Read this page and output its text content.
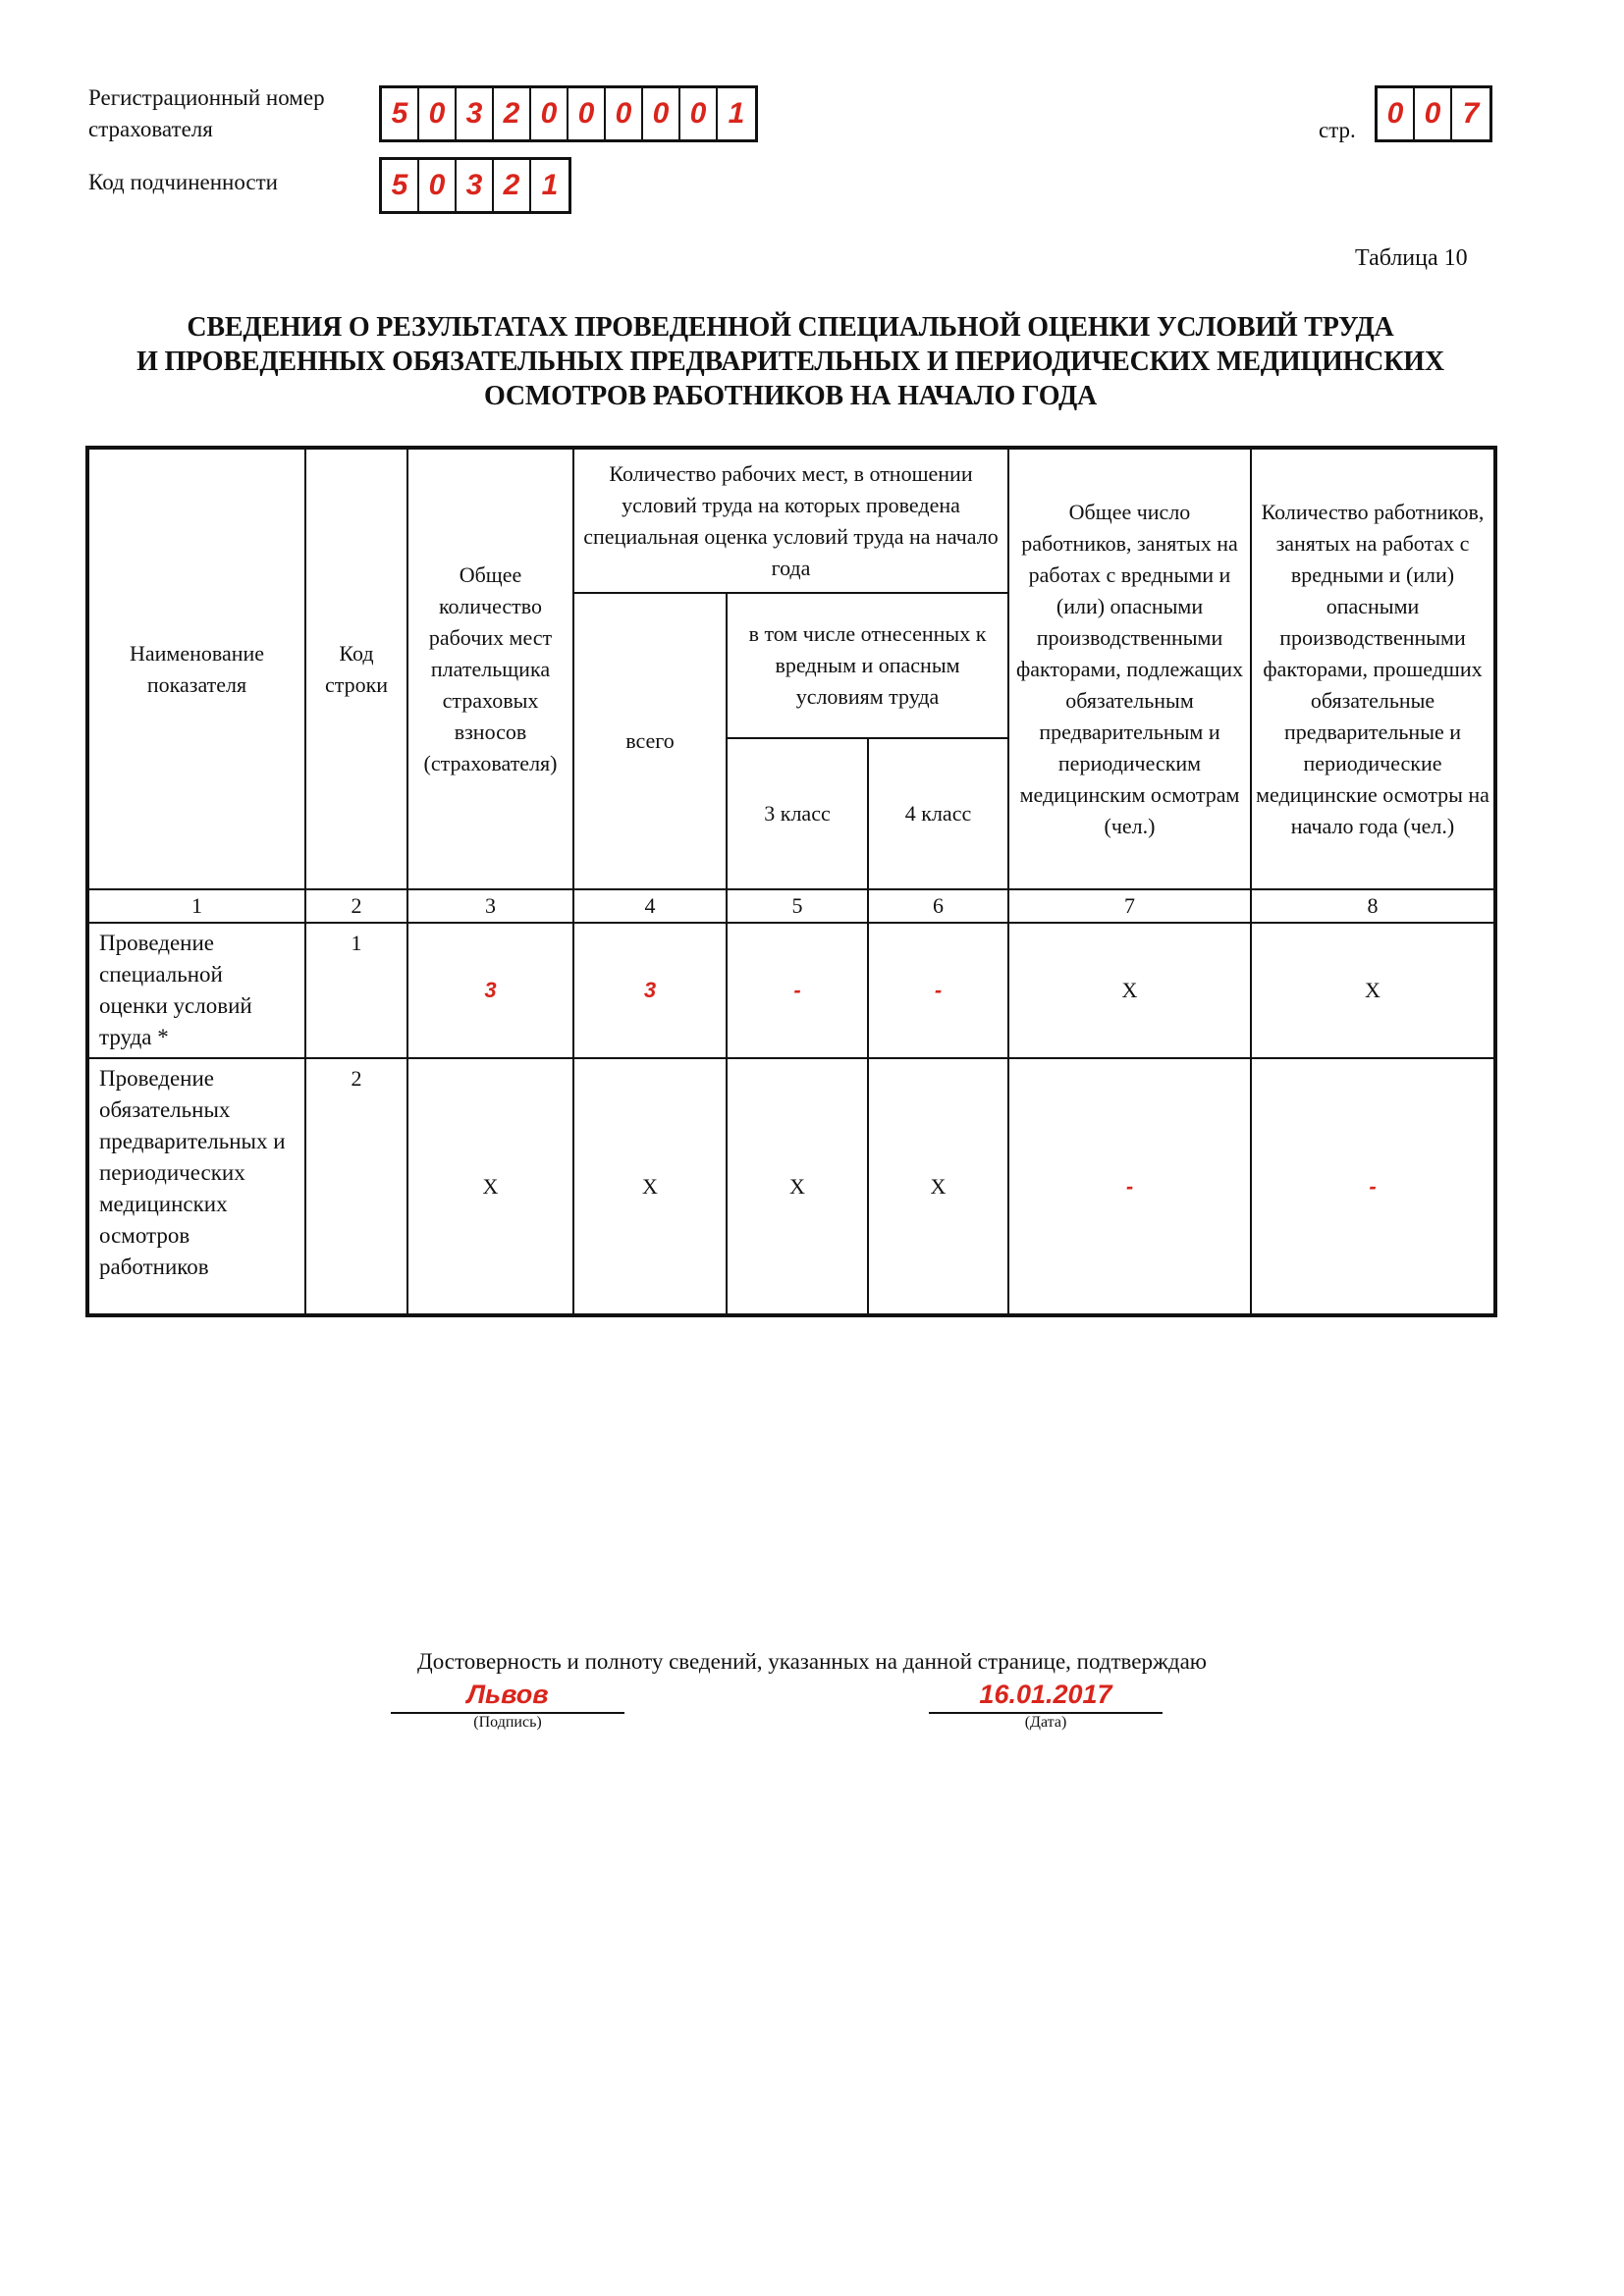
Регистрационный номер
страхователя	5 0 3 2 0 0 0 0 0 1
стр.
0 0 7
Код подчиненности	5 0 3 2 1
Таблица 10
СВЕДЕНИЯ О РЕЗУЛЬТАТАХ ПРОВЕДЕННОЙ СПЕЦИАЛЬНОЙ ОЦЕНКИ УСЛОВИЙ ТРУДА
И ПРОВЕДЕННЫХ ОБЯЗАТЕЛЬНЫХ ПРЕДВАРИТЕЛЬНЫХ И ПЕРИОДИЧЕСКИХ МЕДИЦИНСКИХ
ОСМОТРОВ РАБОТНИКОВ НА НАЧАЛО ГОДА
Наименование показателя	Код строки	Общее количество рабочих мест плательщика страховых взносов (страхователя)	Количество рабочих мест, в отношении условий труда на которых проведена специальная оценка условий труда на начало года			Общее число работников, занятых на работах с вредными и (или) опасными производственными факторами, подлежащих обязательным предварительным и периодическим медицинским осмотрам (чел.)	Количество работников, занятых на работах с вредными и (или) опасными производственными факторами, прошедших обязательные предварительные и периодические медицинские осмотры на начало года (чел.)
			всего	в том числе отнесенных к вредным и опасным условиям труда			
				3 класс	4 класс		
1	2	3	4	5	6	7	8
Проведение специальной оценки условий труда *	1	3	3	-	-	X	X
Проведение обязательных предварительных и периодических медицинских осмотров работников	2	X	X	X	X	-	-
Достоверность и полноту сведений, указанных на данной странице, подтверждаю
Львов
(Подпись)
16.01.2017
(Дата)
